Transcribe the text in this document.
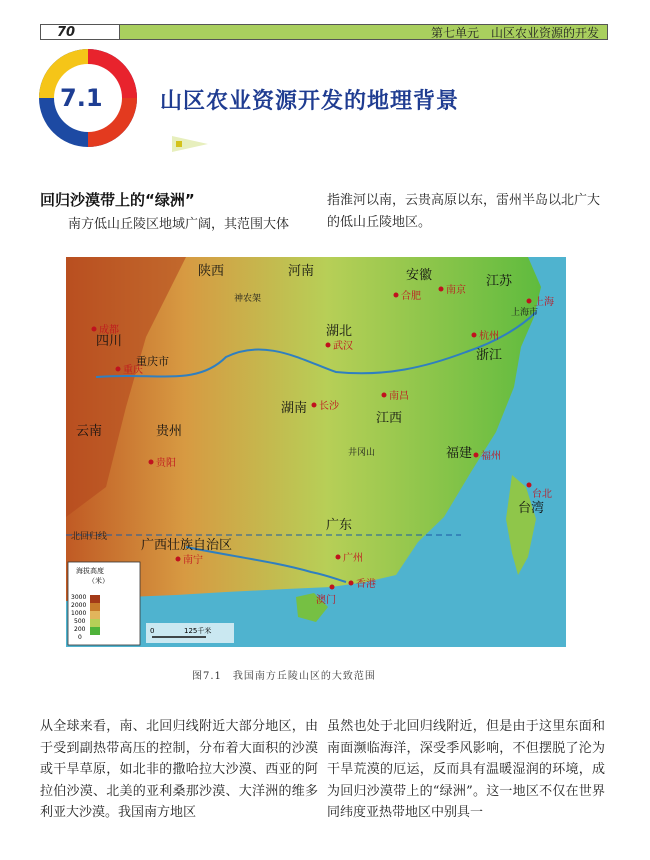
70	第七单元　山区农业资源的开发
7.1	山区农业资源开发的地理背景
回归沙漠带上的“绿洲”
南方低山丘陵区地域广阔，其范围大体
指淮河以南，云贵高原以东，雷州半岛以北广大的低山丘陵地区。
陕西	河南	安徽	江苏
四川
湖北
浙江
重庆市
湖南
江西
福建
贵州
云南
广西壮族自治区
广东
台湾
成都
重庆
武汉
南京
合肥
上海
杭州
长沙
南昌
福州
贵阳
南宁	广州
香港
澳门
台北
北回归线
神农架
井冈山
上海市
海拔高度
（米）
3000
2000
1000
500
200
0
0	125千米
图7.1　我国南方丘陵山区的大致范围
从全球来看，南、北回归线附近大部分地区，由于受到副热带高压的控制，分布着大面积的沙漠或干旱草原，如北非的撒哈拉大沙漠、西亚的阿拉伯沙漠、北美的亚利桑那沙漠、大洋洲的维多利亚大沙漠。我国南方地区
虽然也处于北回归线附近，但是由于这里东面和南面濒临海洋，深受季风影响，不但摆脱了沦为干旱荒漠的厄运，反而具有温暖湿润的环境，成为回归沙漠带上的“绿洲”。这一地区不仅在世界同纬度亚热带地区中别具一
